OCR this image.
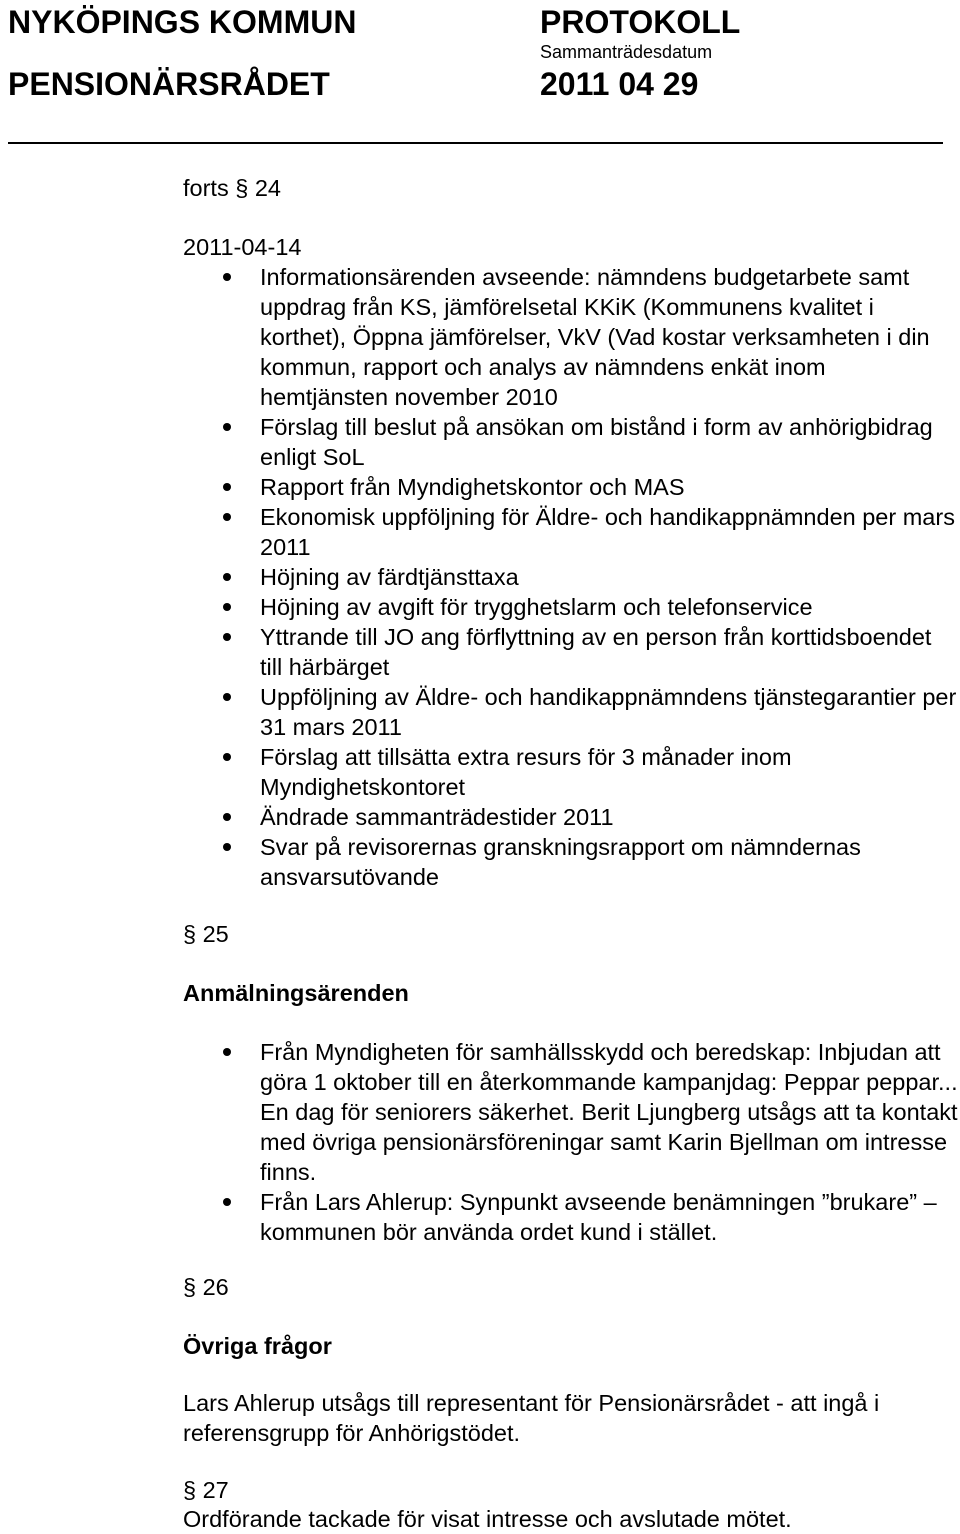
NYKÖPINGS KOMMUN
PENSIONÄRSRÅDET
PROTOKOLL
Sammanträdesdatum
2011 04 29
forts § 24
2011-04-14
Informationsärenden avseende: nämndens budgetarbete samt uppdrag från KS, jämförelsetal KKiK (Kommunens kvalitet i korthet), Öppna jämförelser, VkV (Vad kostar verksamheten i din kommun, rapport och analys av nämndens enkät inom hemtjänsten november 2010
Förslag till beslut på ansökan om bistånd i form av anhörigbidrag enligt SoL
Rapport från Myndighetskontor och MAS
Ekonomisk uppföljning för Äldre- och handikappnämnden per mars 2011
Höjning av färdtjänsttaxa
Höjning av avgift för trygghetslarm och telefonservice
Yttrande till JO ang förflyttning av en person från korttidsboendet till härbärget
Uppföljning av Äldre- och handikappnämndens tjänstegarantier per 31 mars 2011
Förslag att tillsätta extra resurs för 3 månader inom Myndighetskontoret
Ändrade sammanträdestider 2011
Svar på revisorernas granskningsrapport om nämndernas ansvarsutövande
§ 25
Anmälningsärenden
Från Myndigheten för samhällsskydd och beredskap: Inbjudan att göra 1 oktober till en återkommande kampanjdag: Peppar peppar... En dag för seniorers säkerhet. Berit Ljungberg utsågs att ta kontakt med övriga pensionärsföreningar samt Karin Bjellman om intresse finns.
Från Lars Ahlerup: Synpunkt avseende benämningen ”brukare” – kommunen bör använda ordet kund i stället.
§ 26
Övriga frågor
Lars Ahlerup utsågs till representant för Pensionärsrådet - att ingå i referensgrupp för Anhörigstödet.
§ 27
Ordförande tackade för visat intresse och avslutade mötet.
